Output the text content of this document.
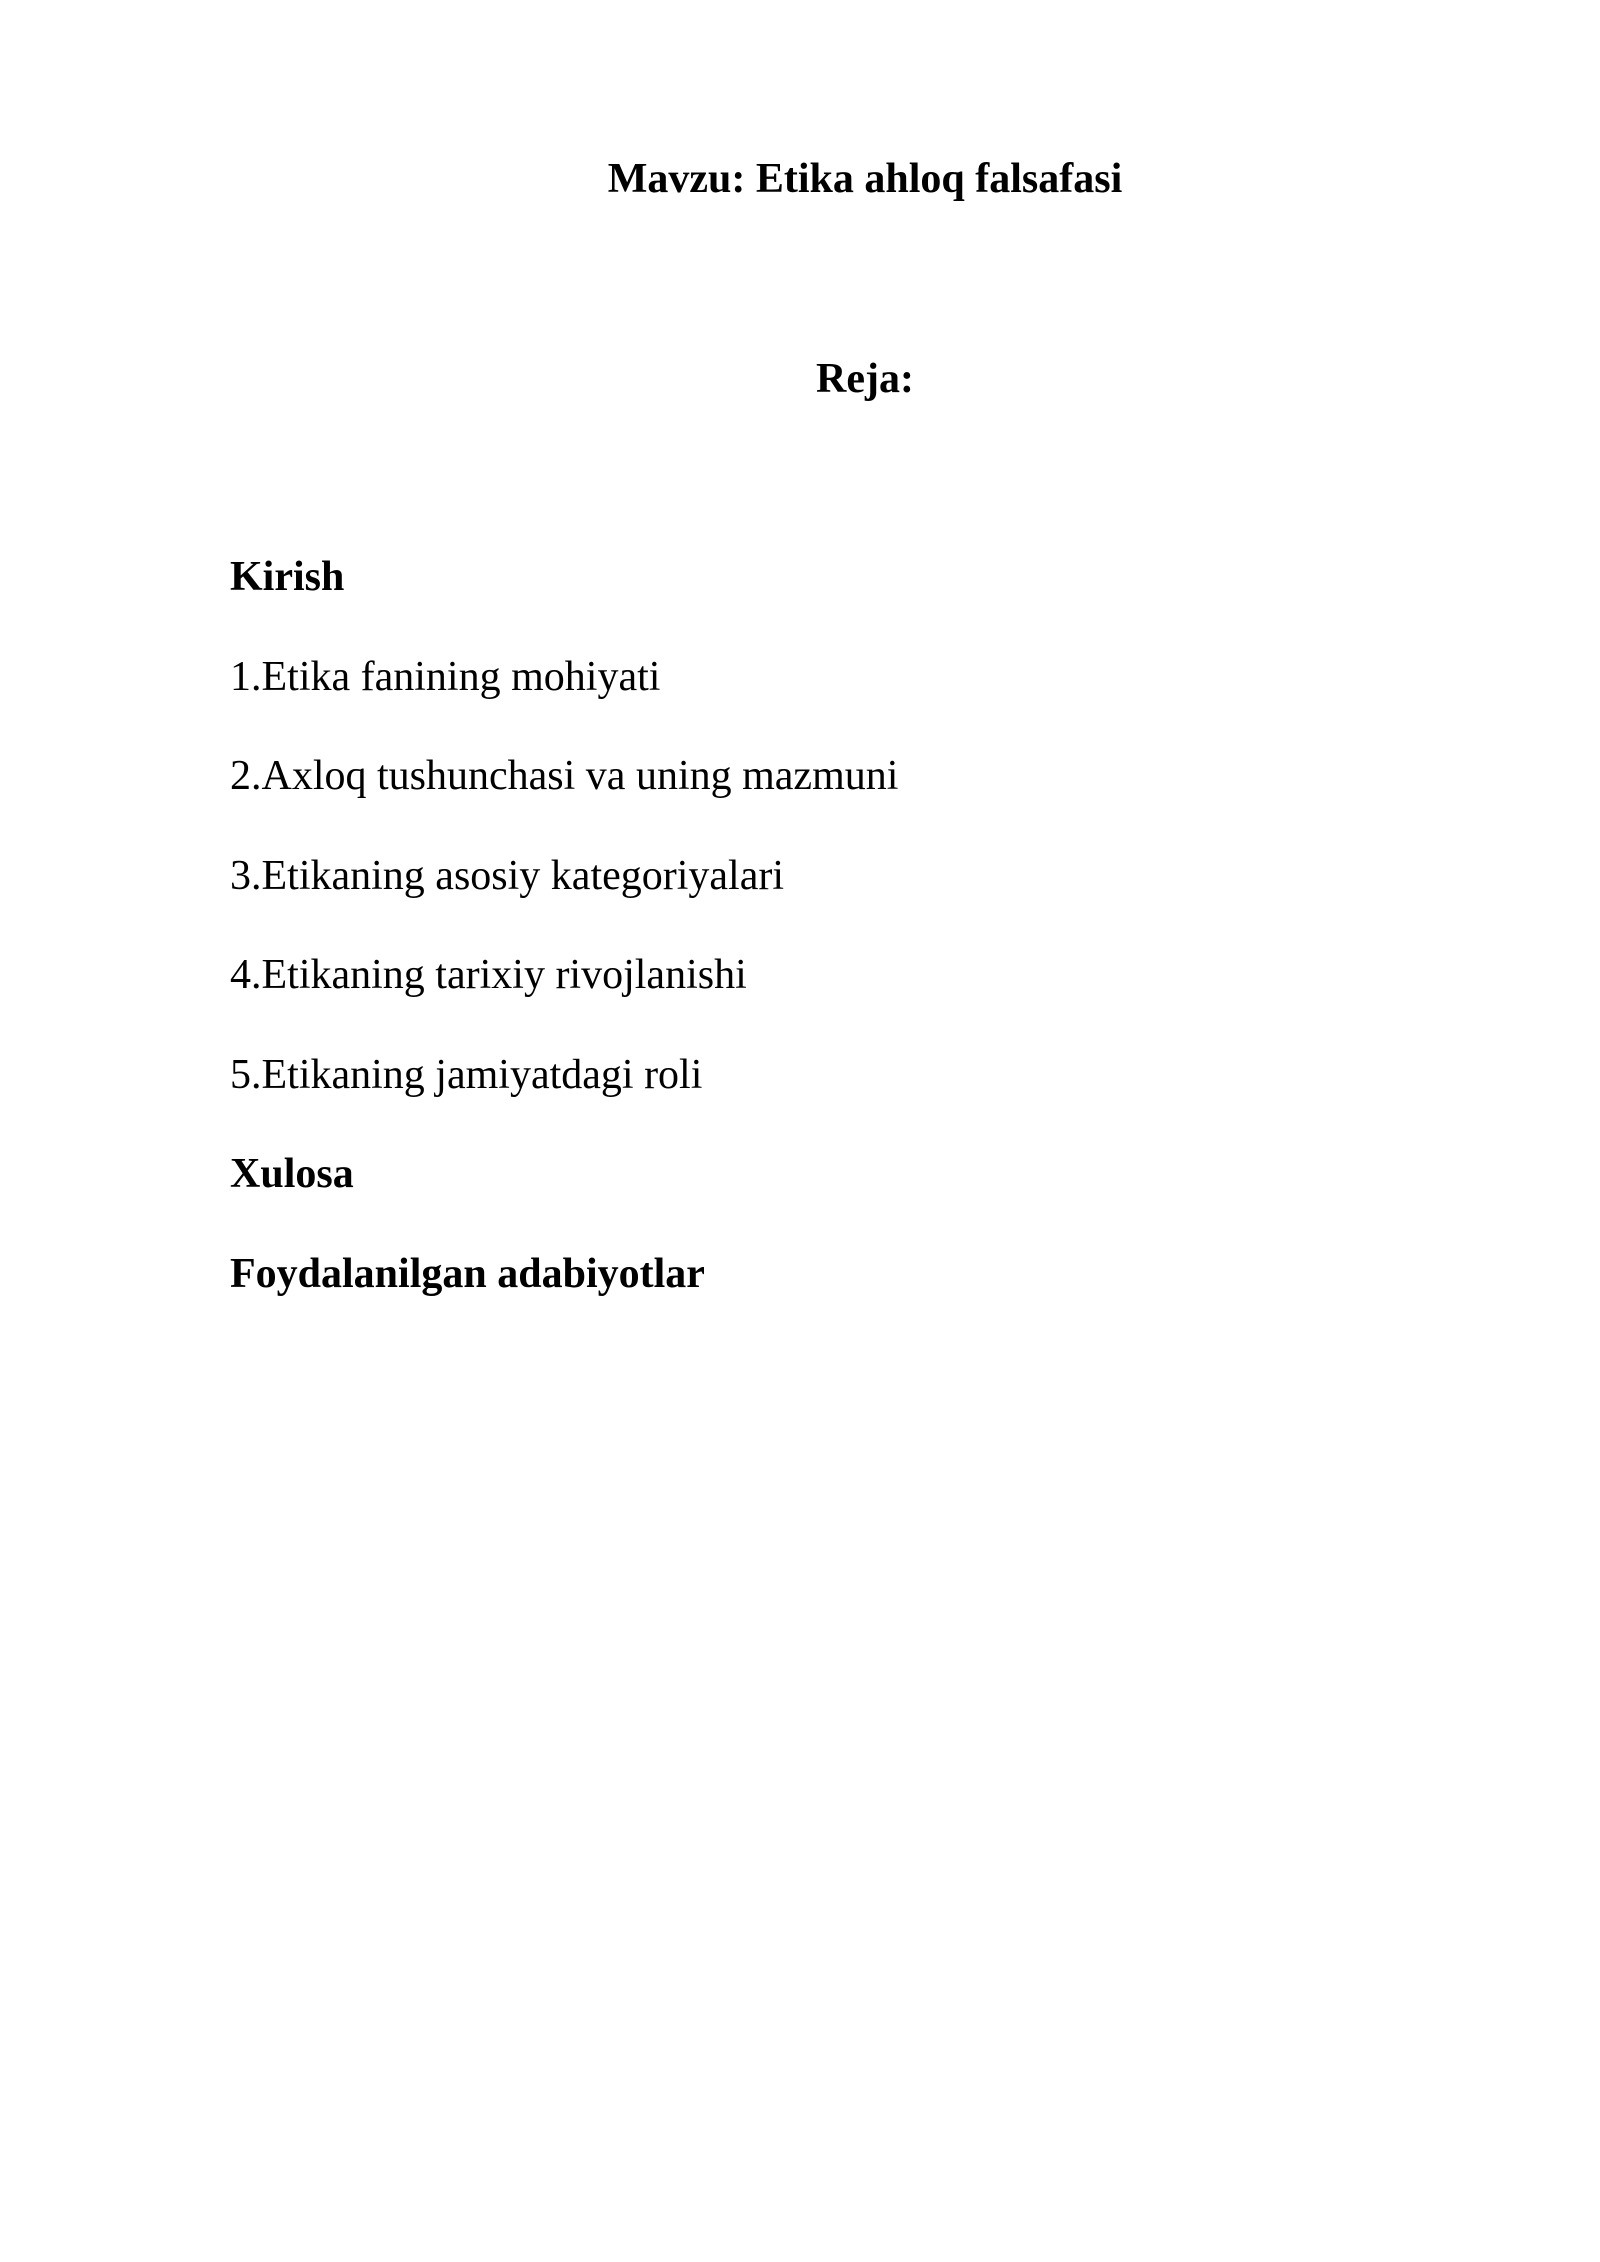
Mavzu: Etika ahloq falsafasi
Reja:
Kirish
1.Etika fanining mohiyati
2.Axloq tushunchasi va uning mazmuni
3.Etikaning asosiy kategoriyalari
4.Etikaning tarixiy rivojlanishi
5.Etikaning jamiyatdagi roli
Xulosa
Foydalanilgan adabiyotlar
